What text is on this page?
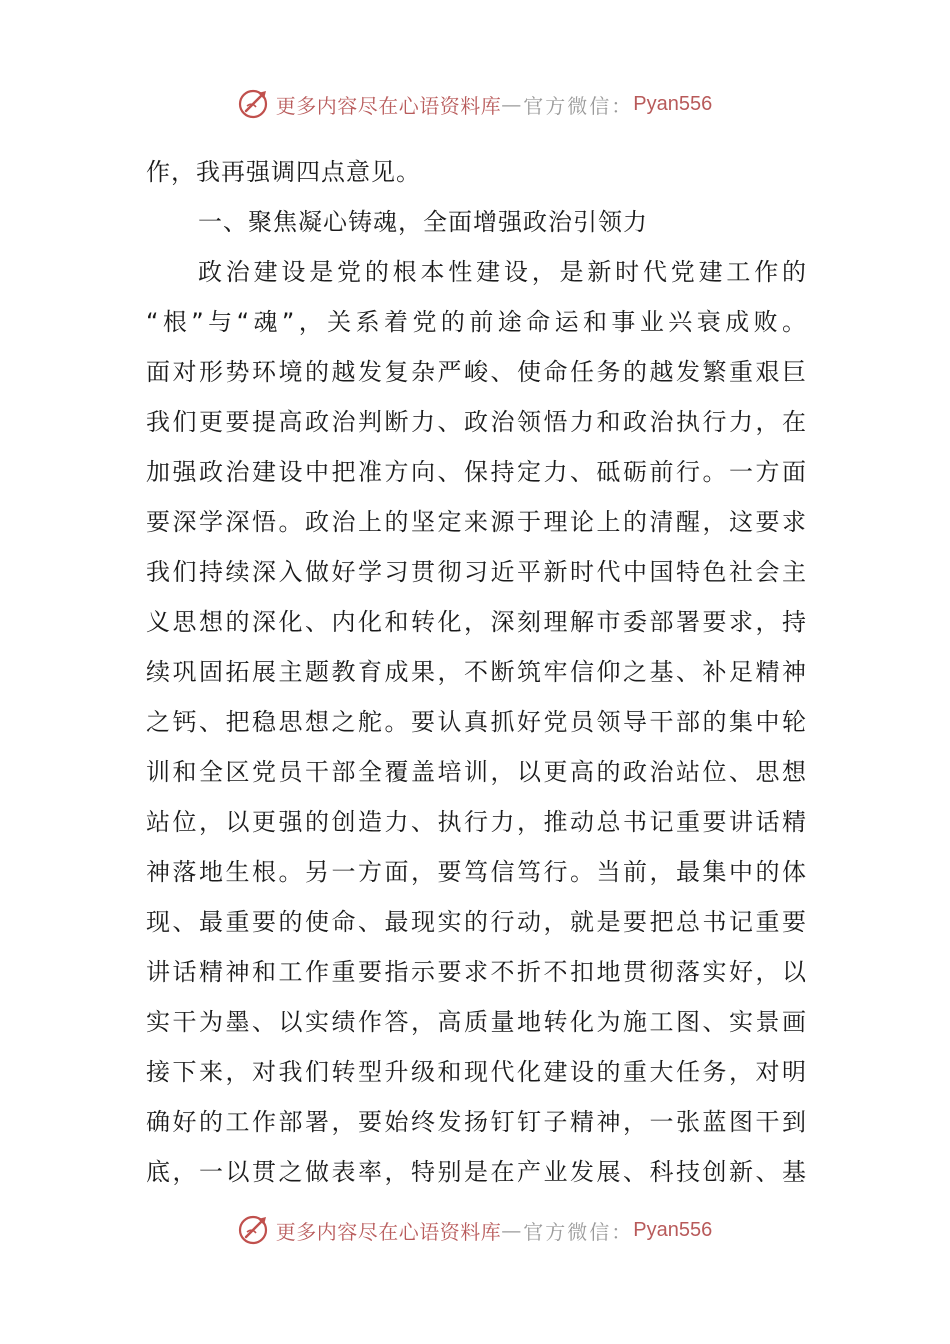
更多内容尽在心语资料库 — 官方微信： Pyan556
作，我再强调四点意见。
一、聚焦凝心铸魂，全面增强政治引领力
政治建设是党的根本性建设，是新时代党建工作的
“根”与“魂”，关系着党的前途命运和事业兴衰成败。
面对形势环境的越发复杂严峻、使命任务的越发繁重艰巨
我们更要提高政治判断力、政治领悟力和政治执行力，在
加强政治建设中把准方向、保持定力、砥砺前行。一方面
要深学深悟。政治上的坚定来源于理论上的清醒，这要求
我们持续深入做好学习贯彻习近平新时代中国特色社会主
义思想的深化、内化和转化，深刻理解市委部署要求，持
续巩固拓展主题教育成果，不断筑牢信仰之基、补足精神
之钙、把稳思想之舵。要认真抓好党员领导干部的集中轮
训和全区党员干部全覆盖培训，以更高的政治站位、思想
站位，以更强的创造力、执行力，推动总书记重要讲话精
神落地生根。另一方面，要笃信笃行。当前，最集中的体
现、最重要的使命、最现实的行动，就是要把总书记重要
讲话精神和工作重要指示要求不折不扣地贯彻落实好，以
实干为墨、以实绩作答，高质量地转化为施工图、实景画
接下来，对我们转型升级和现代化建设的重大任务，对明
确好的工作部署，要始终发扬钉钉子精神，一张蓝图干到
底，一以贯之做表率，特别是在产业发展、科技创新、基
更多内容尽在心语资料库 — 官方微信： Pyan556
